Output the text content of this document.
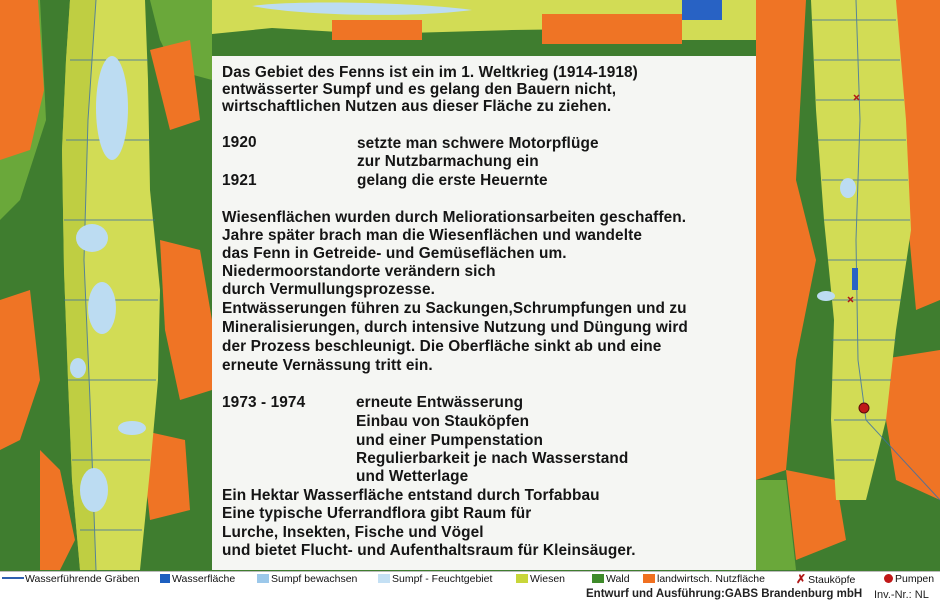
Das Gebiet des Fenns ist ein im 1. Weltkrieg (1914-1918)

entwässerter Sumpf und es gelang den Bauern nicht,

wirtschaftlichen Nutzen aus dieser Fläche zu ziehen.

1920	setzte man schwere Motorpflüge

zur Nutzbarmachung ein

1921	gelang die erste Heuernte

Wiesenflächen wurden durch Meliorationsarbeiten geschaffen.

Jahre später brach man die Wiesenflächen und wandelte

das Fenn in Getreide- und Gemüseflächen um.

Niedermoorstandorte verändern sich

durch Vermullungsprozesse.

Entwässerungen führen zu Sackungen,Schrumpfungen und zu

Mineralisierungen, durch intensive Nutzung und Düngung wird

der Prozess beschleunigt. Die Oberfläche sinkt ab und eine

erneute Vernässung tritt ein.

1973 - 1974	erneute Entwässerung

Einbau von Stauköpfen

und einer Pumpenstation

Regulierbarkeit je nach Wasserstand

und Wetterlage

Ein Hektar Wasserfläche entstand durch Torfabbau

Eine typische Uferrandflora gibt Raum für

Lurche, Insekten, Fische und Vögel

und bietet Flucht- und Aufenthaltsraum für Kleinsäuger.

Wasserführende Gräben	Wasserfläche	Sumpf bewachsen	Sumpf - Feuchtgebiet	Wiesen	Wald	landwirtsch. Nutzfläche	✗ Stauköpfe	Pumpen
Entwurf und Ausführung:GABS Brandenburg mbH Inv.-Nr.: NL
